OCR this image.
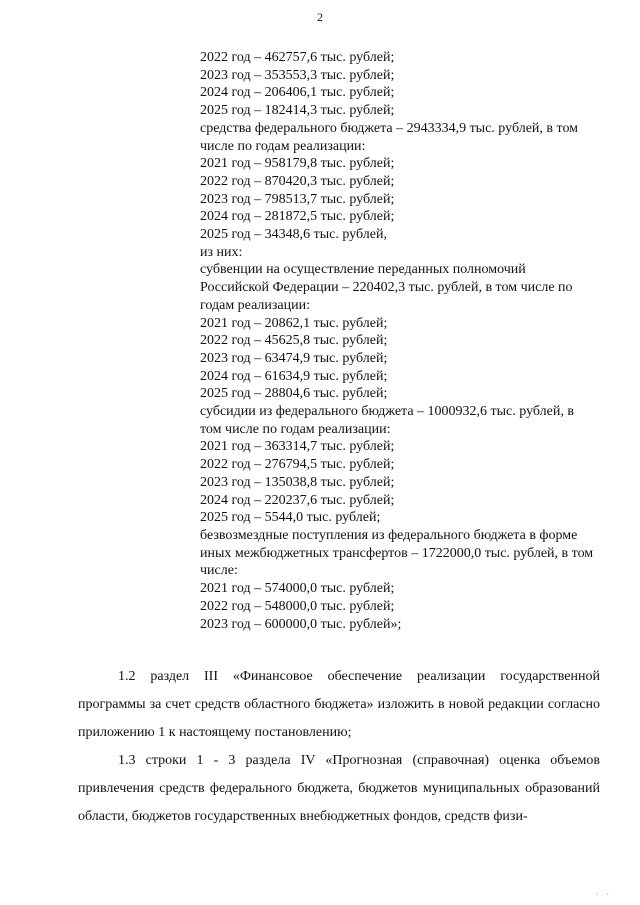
2
2022 год – 462757,6 тыс. рублей;
2023 год – 353553,3 тыс. рублей;
2024 год – 206406,1 тыс. рублей;
2025 год – 182414,3 тыс. рублей;
средства федерального бюджета – 2943334,9 тыс. рублей, в том числе по годам реализации:
2021 год – 958179,8 тыс. рублей;
2022 год – 870420,3 тыс. рублей;
2023 год – 798513,7 тыс. рублей;
2024 год – 281872,5 тыс. рублей;
2025 год – 34348,6 тыс. рублей,
из них:
субвенции на осуществление переданных полномочий Российской Федерации – 220402,3 тыс. рублей, в том числе по годам реализации:
2021 год – 20862,1 тыс. рублей;
2022 год – 45625,8 тыс. рублей;
2023 год – 63474,9 тыс. рублей;
2024 год – 61634,9 тыс. рублей;
2025 год – 28804,6 тыс. рублей;
субсидии из федерального бюджета – 1000932,6 тыс. рублей, в том числе по годам реализации:
2021 год – 363314,7 тыс. рублей;
2022 год – 276794,5 тыс. рублей;
2023 год – 135038,8 тыс. рублей;
2024 год – 220237,6 тыс. рублей;
2025 год – 5544,0 тыс. рублей;
безвозмездные поступления из федерального бюджета в форме иных межбюджетных трансфертов – 1722000,0 тыс. рублей, в том числе:
2021 год – 574000,0 тыс. рублей;
2022 год – 548000,0 тыс. рублей;
2023 год – 600000,0 тыс. рублей»;

1.2 раздел III «Финансовое обеспечение реализации государственной программы за счет средств областного бюджета» изложить в новой редакции согласно приложению 1 к настоящему постановлению;

1.3 строки 1 - 3 раздела IV «Прогнозная (справочная) оценка объемов привлечения средств федерального бюджета, бюджетов муниципальных образований области, бюджетов государственных внебюджетных фондов, средств физи-

· ·
